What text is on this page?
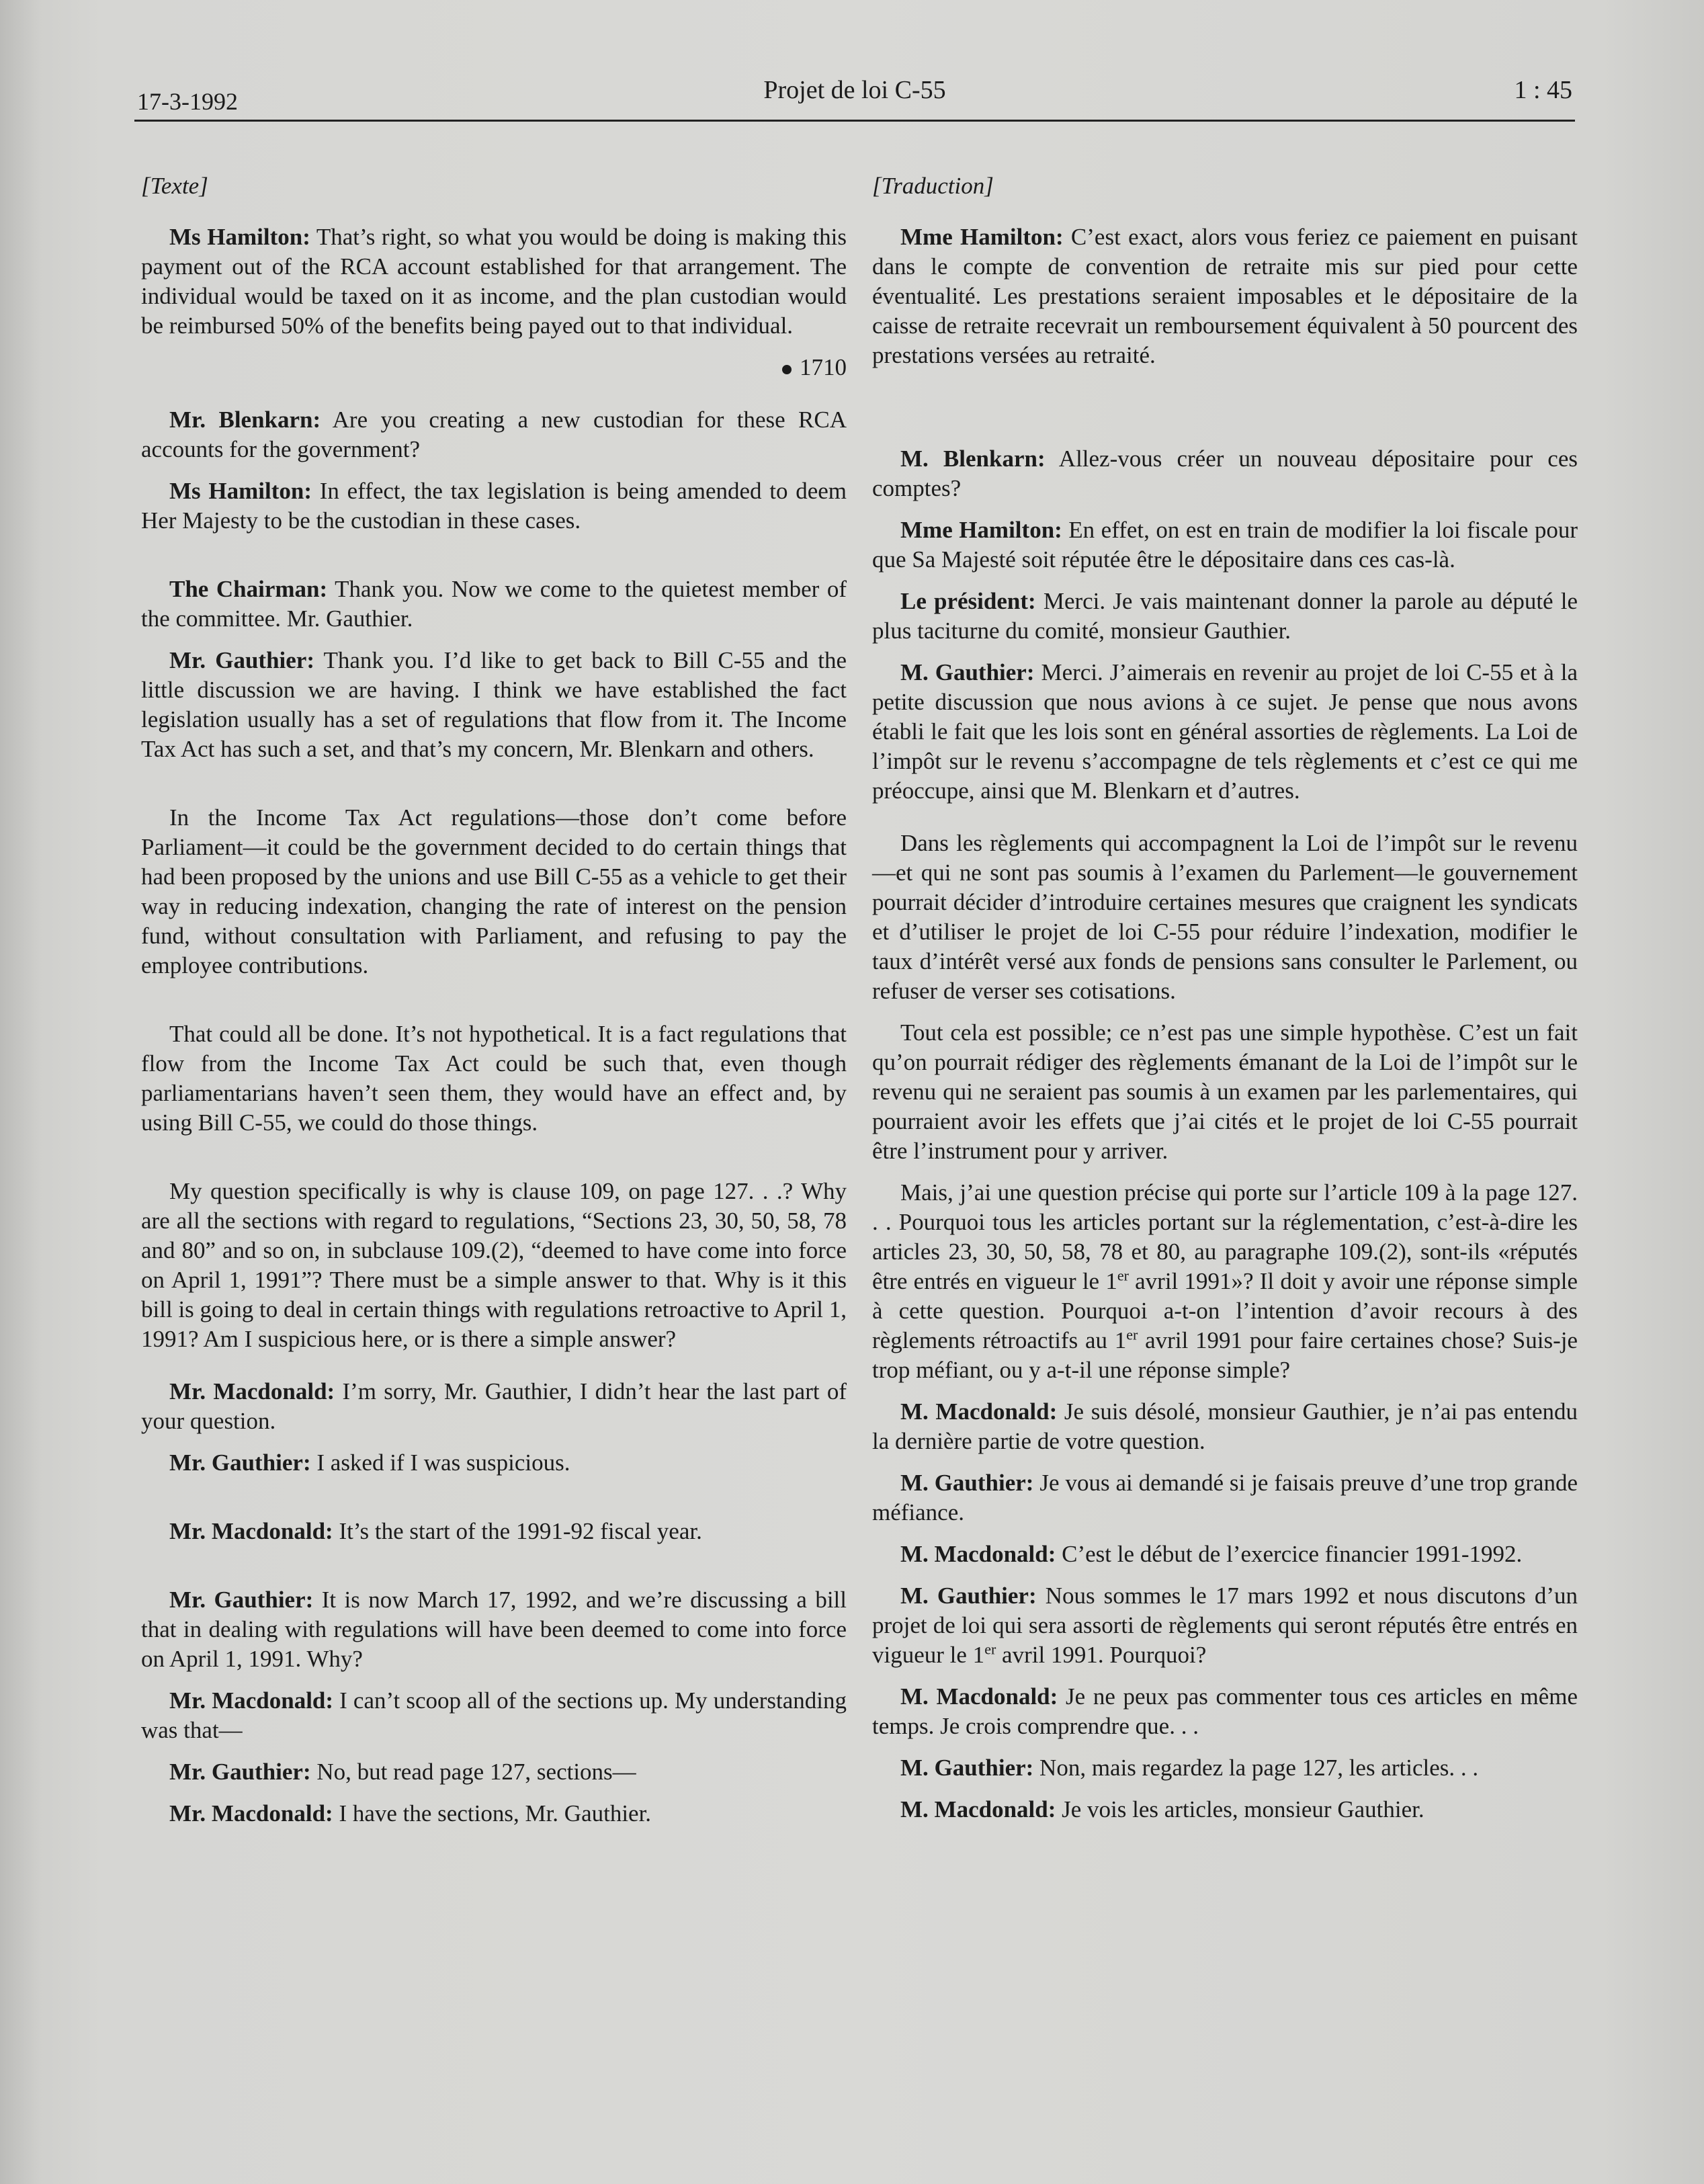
17-3-1992	Projet de loi C-55	1 : 45
[Texte]
Ms Hamilton: That’s right, so what you would be doing is making this payment out of the RCA account established for that arrangement. The individual would be taxed on it as income, and the plan custodian would be reimbursed 50% of the benefits being payed out to that individual.
1710
Mr. Blenkarn: Are you creating a new custodian for these RCA accounts for the government?
Ms Hamilton: In effect, the tax legislation is being amended to deem Her Majesty to be the custodian in these cases.
The Chairman: Thank you. Now we come to the quietest member of the committee. Mr. Gauthier.
Mr. Gauthier: Thank you. I’d like to get back to Bill C-55 and the little discussion we are having. I think we have established the fact legislation usually has a set of regulations that flow from it. The Income Tax Act has such a set, and that’s my concern, Mr. Blenkarn and others.
In the Income Tax Act regulations—those don’t come before Parliament—it could be the government decided to do certain things that had been proposed by the unions and use Bill C-55 as a vehicle to get their way in reducing indexation, changing the rate of interest on the pension fund, without consultation with Parliament, and refusing to pay the employee contributions.
That could all be done. It’s not hypothetical. It is a fact regulations that flow from the Income Tax Act could be such that, even though parliamentarians haven’t seen them, they would have an effect and, by using Bill C-55, we could do those things.
My question specifically is why is clause 109, on page 127. . .? Why are all the sections with regard to regulations, “Sections 23, 30, 50, 58, 78 and 80” and so on, in subclause 109.(2), “deemed to have come into force on April 1, 1991”? There must be a simple answer to that. Why is it this bill is going to deal in certain things with regulations retroactive to April 1, 1991? Am I suspicious here, or is there a simple answer?
Mr. Macdonald: I’m sorry, Mr. Gauthier, I didn’t hear the last part of your question.
Mr. Gauthier: I asked if I was suspicious.
Mr. Macdonald: It’s the start of the 1991-92 fiscal year.
Mr. Gauthier: It is now March 17, 1992, and we’re discussing a bill that in dealing with regulations will have been deemed to come into force on April 1, 1991. Why?
Mr. Macdonald: I can’t scoop all of the sections up. My understanding was that—
Mr. Gauthier: No, but read page 127, sections—
Mr. Macdonald: I have the sections, Mr. Gauthier.
[Traduction]
Mme Hamilton: C’est exact, alors vous feriez ce paiement en puisant dans le compte de convention de retraite mis sur pied pour cette éventualité. Les prestations seraient imposables et le dépositaire de la caisse de retraite recevrait un remboursement équivalent à 50 pourcent des prestations versées au retraité.
M. Blenkarn: Allez-vous créer un nouveau dépositaire pour ces comptes?
Mme Hamilton: En effet, on est en train de modifier la loi fiscale pour que Sa Majesté soit réputée être le dépositaire dans ces cas-là.
Le président: Merci. Je vais maintenant donner la parole au député le plus taciturne du comité, monsieur Gauthier.
M. Gauthier: Merci. J’aimerais en revenir au projet de loi C-55 et à la petite discussion que nous avions à ce sujet. Je pense que nous avons établi le fait que les lois sont en général assorties de règlements. La Loi de l’impôt sur le revenu s’accompagne de tels règlements et c’est ce qui me préoccupe, ainsi que M. Blenkarn et d’autres.
Dans les règlements qui accompagnent la Loi de l’impôt sur le revenu—et qui ne sont pas soumis à l’examen du Parlement—le gouvernement pourrait décider d’introduire certaines mesures que craignent les syndicats et d’utiliser le projet de loi C-55 pour réduire l’indexation, modifier le taux d’intérêt versé aux fonds de pensions sans consulter le Parlement, ou refuser de verser ses cotisations.
Tout cela est possible; ce n’est pas une simple hypothèse. C’est un fait qu’on pourrait rédiger des règlements émanant de la Loi de l’impôt sur le revenu qui ne seraient pas soumis à un examen par les parlementaires, qui pourraient avoir les effets que j’ai cités et le projet de loi C-55 pourrait être l’instrument pour y arriver.
Mais, j’ai une question précise qui porte sur l’article 109 à la page 127. . . Pourquoi tous les articles portant sur la réglementation, c’est-à-dire les articles 23, 30, 50, 58, 78 et 80, au paragraphe 109.(2), sont-ils «réputés être entrés en vigueur le 1er avril 1991»? Il doit y avoir une réponse simple à cette question. Pourquoi a-t-on l’intention d’avoir recours à des règlements rétroactifs au 1er avril 1991 pour faire certaines chose? Suis-je trop méfiant, ou y a-t-il une réponse simple?
M. Macdonald: Je suis désolé, monsieur Gauthier, je n’ai pas entendu la dernière partie de votre question.
M. Gauthier: Je vous ai demandé si je faisais preuve d’une trop grande méfiance.
M. Macdonald: C’est le début de l’exercice financier 1991-1992.
M. Gauthier: Nous sommes le 17 mars 1992 et nous discutons d’un projet de loi qui sera assorti de règlements qui seront réputés être entrés en vigueur le 1er avril 1991. Pourquoi?
M. Macdonald: Je ne peux pas commenter tous ces articles en même temps. Je crois comprendre que. . .
M. Gauthier: Non, mais regardez la page 127, les articles. . .
M. Macdonald: Je vois les articles, monsieur Gauthier.
